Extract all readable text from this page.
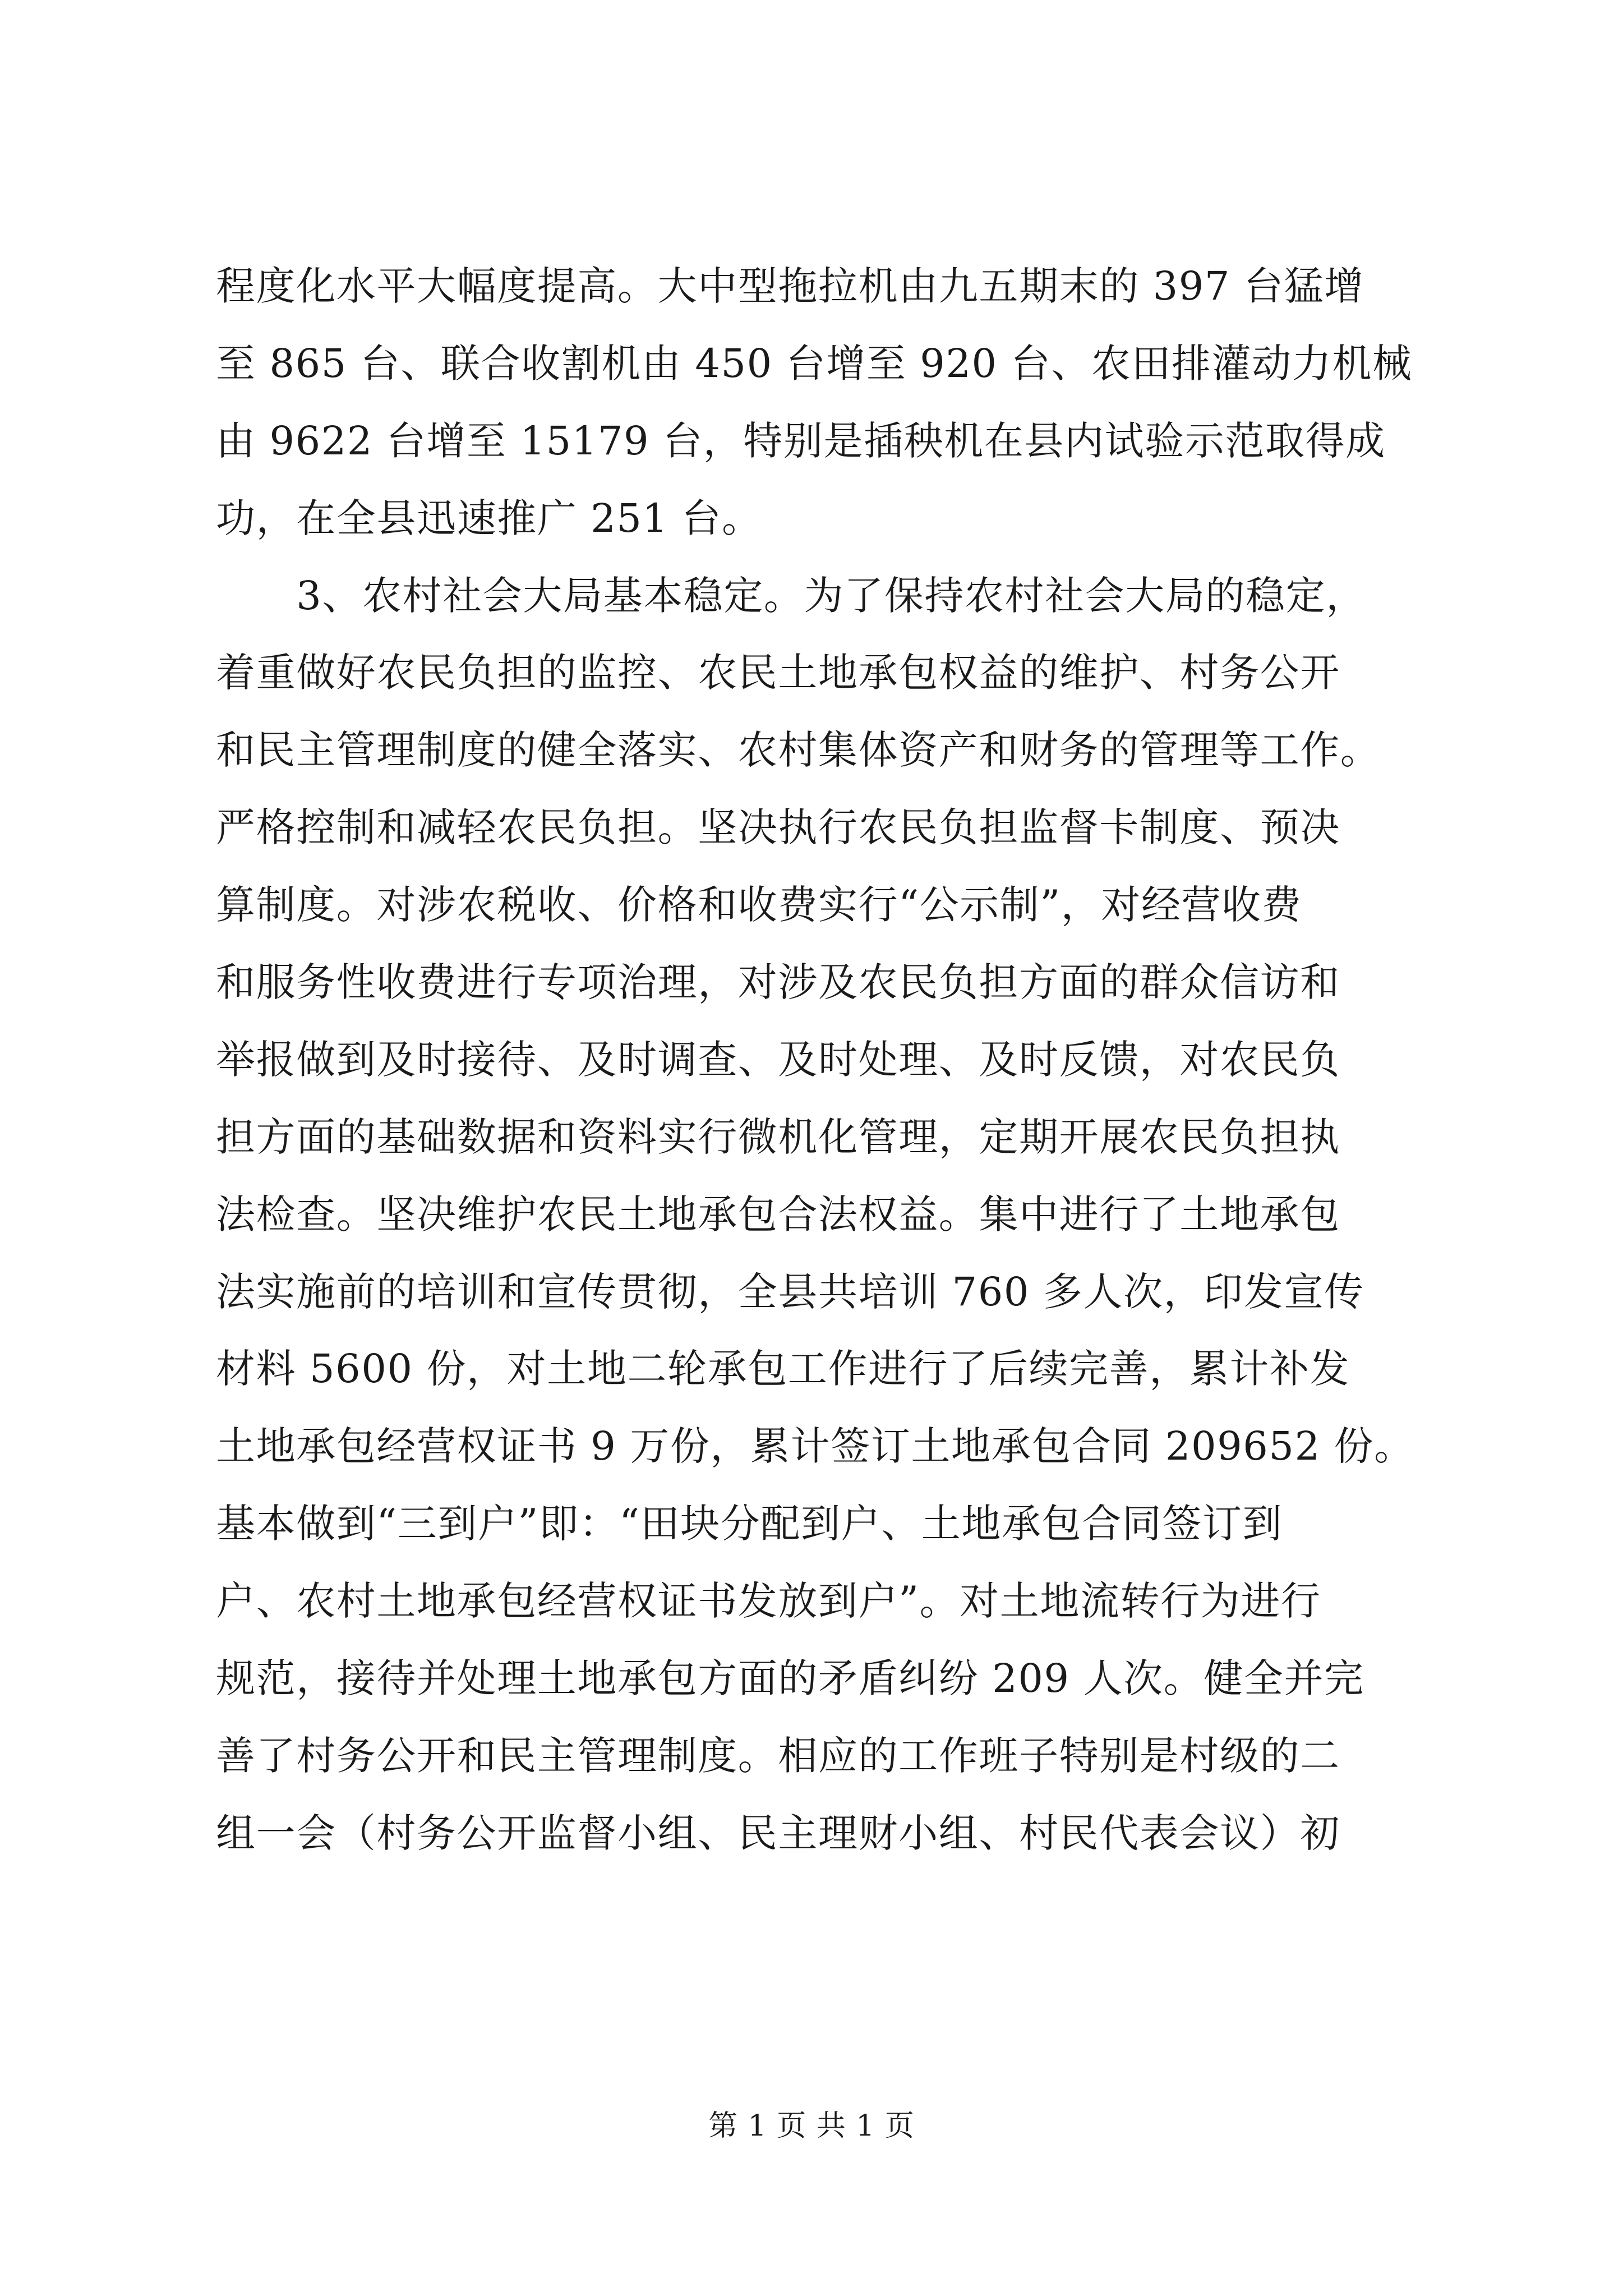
程度化水平大幅度提高。大中型拖拉机由九五期末的 397 台猛增
至 865 台、联合收割机由 450 台增至 920 台、农田排灌动力机械
由 9622 台增至 15179 台，特别是插秧机在县内试验示范取得成
功，在全县迅速推广 251 台。
　　3、农村社会大局基本稳定。为了保持农村社会大局的稳定，
着重做好农民负担的监控、农民土地承包权益的维护、村务公开
和民主管理制度的健全落实、农村集体资产和财务的管理等工作。
严格控制和减轻农民负担。坚决执行农民负担监督卡制度、预决
算制度。对涉农税收、价格和收费实行“公示制”，对经营收费
和服务性收费进行专项治理，对涉及农民负担方面的群众信访和
举报做到及时接待、及时调查、及时处理、及时反馈，对农民负
担方面的基础数据和资料实行微机化管理，定期开展农民负担执
法检查。坚决维护农民土地承包合法权益。集中进行了土地承包
法实施前的培训和宣传贯彻，全县共培训 760 多人次，印发宣传
材料 5600 份，对土地二轮承包工作进行了后续完善，累计补发
土地承包经营权证书 9 万份，累计签订土地承包合同 209652 份。
基本做到“三到户”即：“田块分配到户、土地承包合同签订到
户、农村土地承包经营权证书发放到户”。对土地流转行为进行
规范，接待并处理土地承包方面的矛盾纠纷 209 人次。健全并完
善了村务公开和民主管理制度。相应的工作班子特别是村级的二
组一会（村务公开监督小组、民主理财小组、村民代表会议）初
第 1 页 共 1 页
